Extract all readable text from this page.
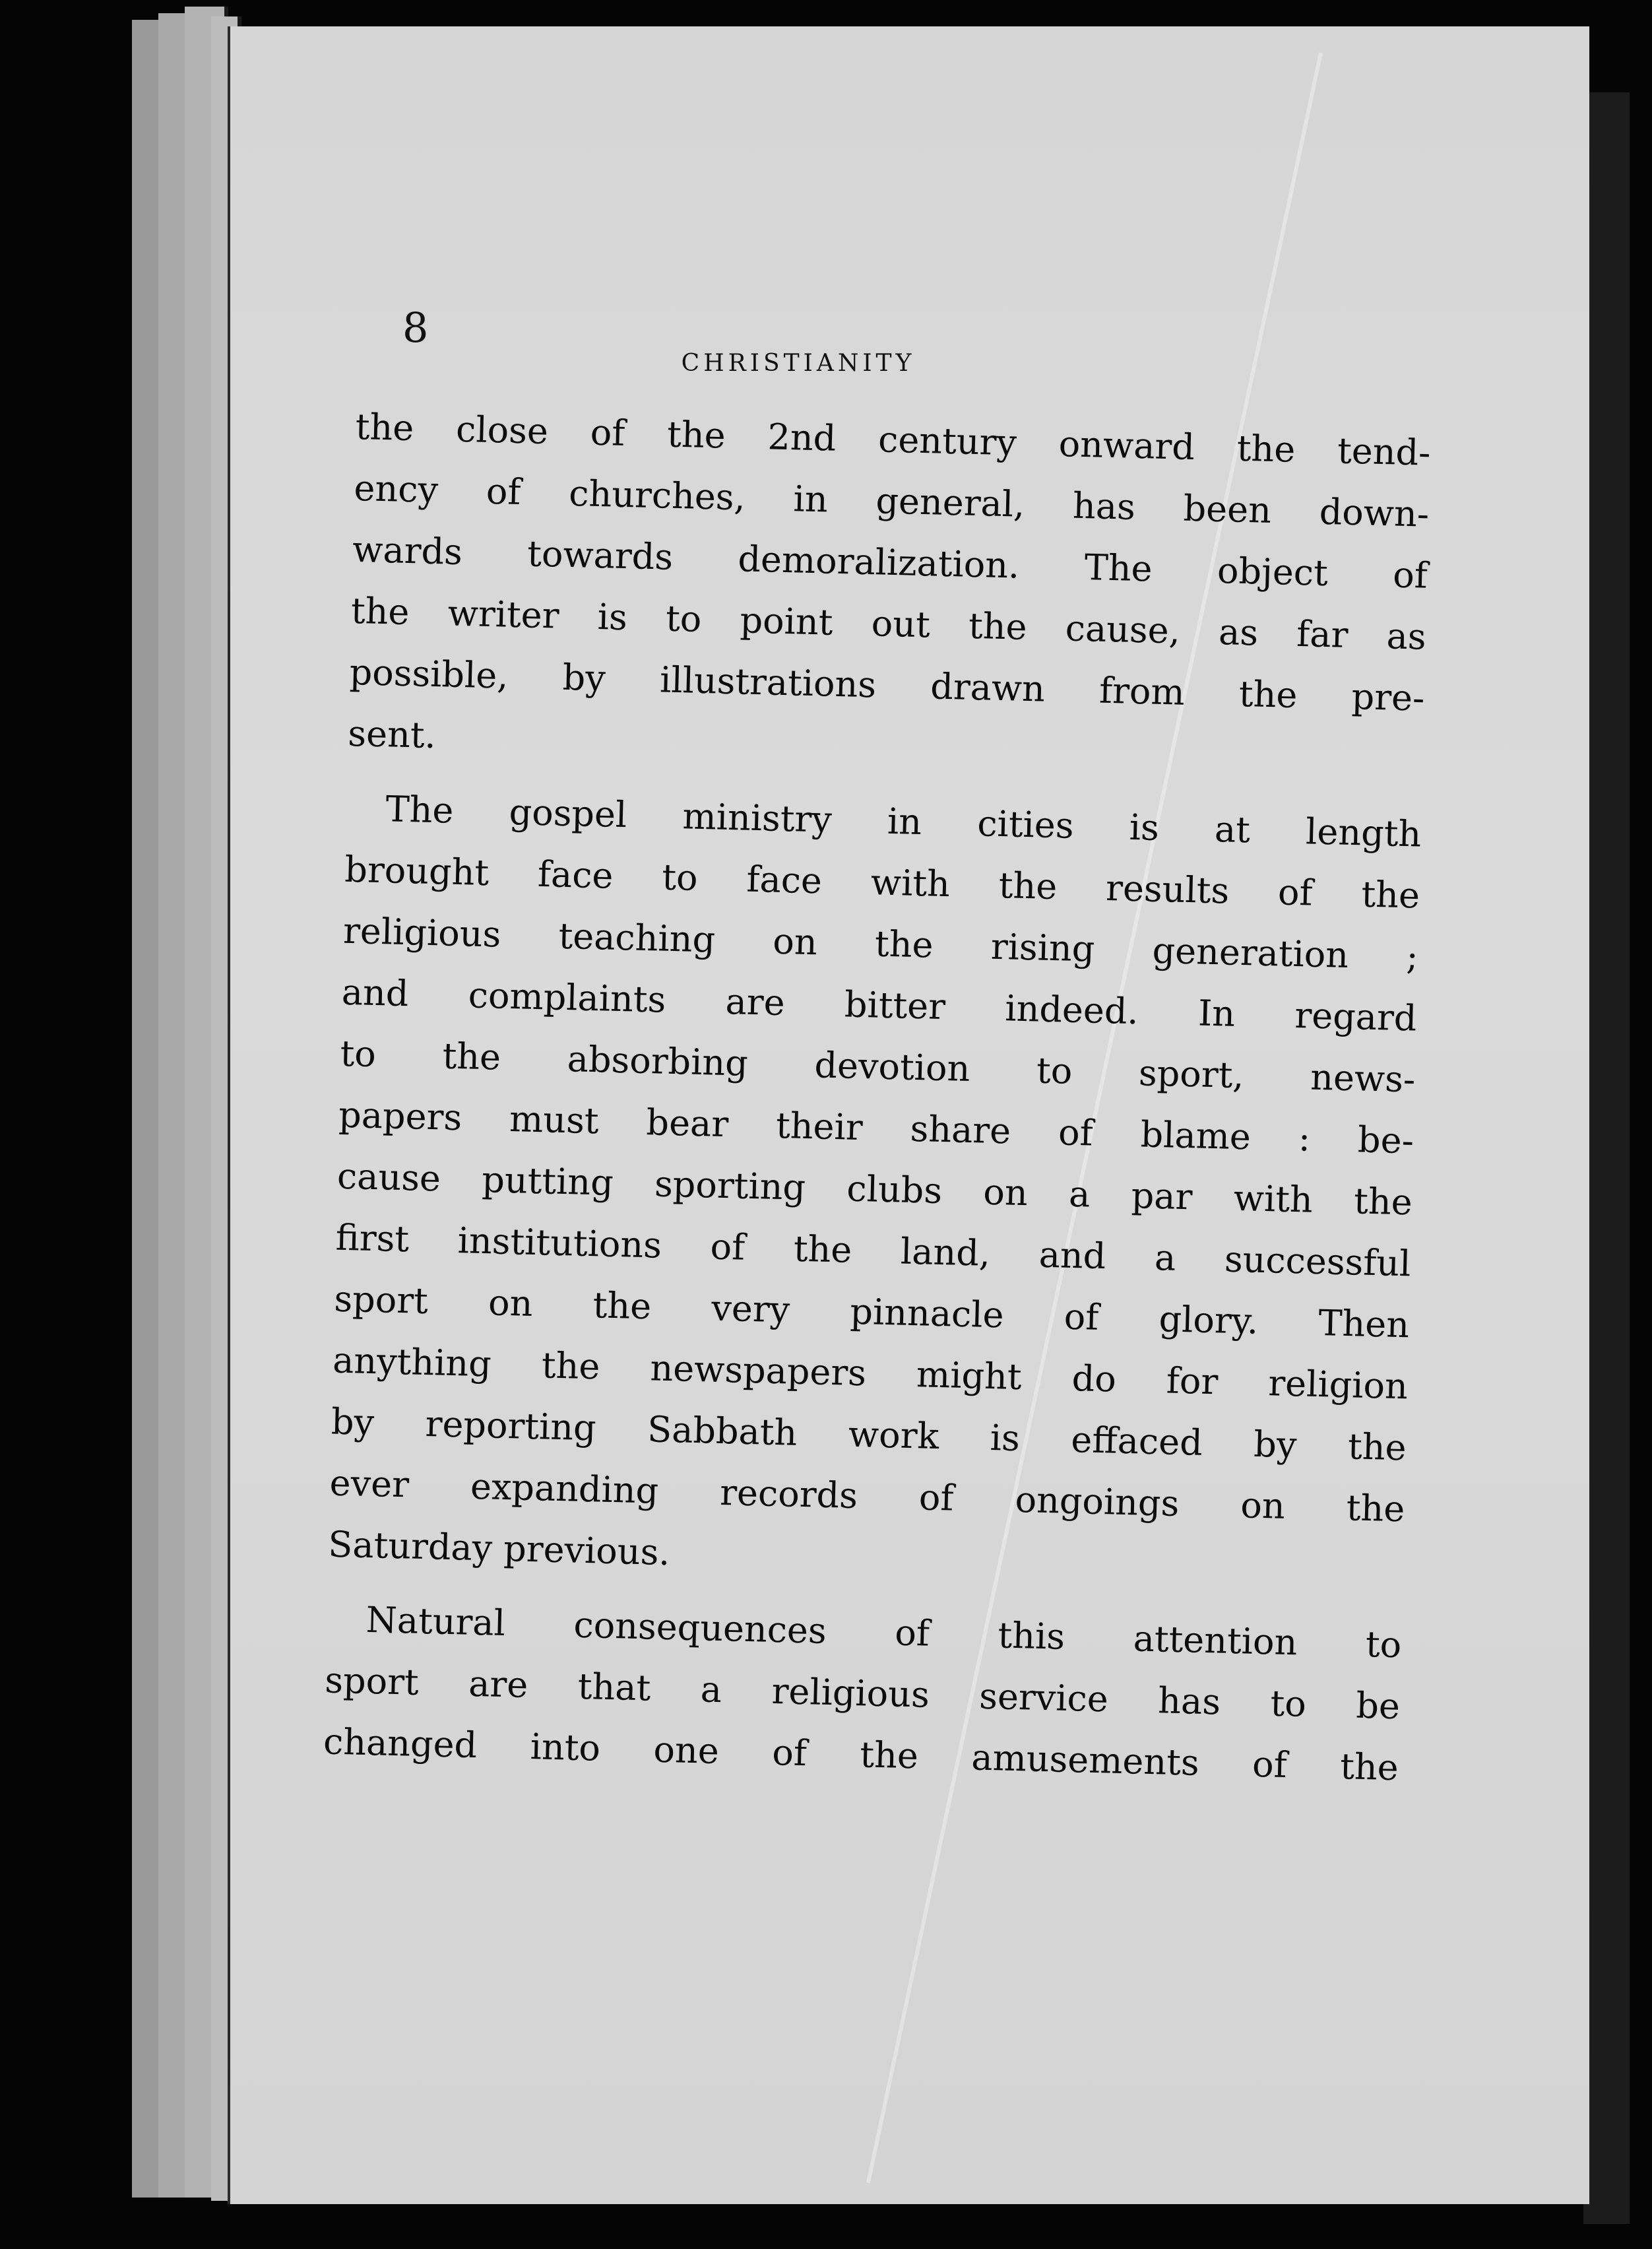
8
CHRISTIANITY
the close of the 2nd century onward the tend-
ency of churches, in general, has been down-
wards towards demoralization. The object of
the writer is to point out the cause, as far as
possible, by illustrations drawn from the pre-
sent.
The gospel ministry in cities is at length
brought face to face with the results of the
religious teaching on the rising generation ;
and complaints are bitter indeed. In regard
to the absorbing devotion to sport, news-
papers must bear their share of blame : be-
cause putting sporting clubs on a par with the
first institutions of the land, and a successful
sport on the very pinnacle of glory. Then
anything the newspapers might do for religion
by reporting Sabbath work is effaced by the
ever expanding records of ongoings on the
Saturday previous.
Natural consequences of this attention to
sport are that a religious service has to be
changed into one of the amusements of the
